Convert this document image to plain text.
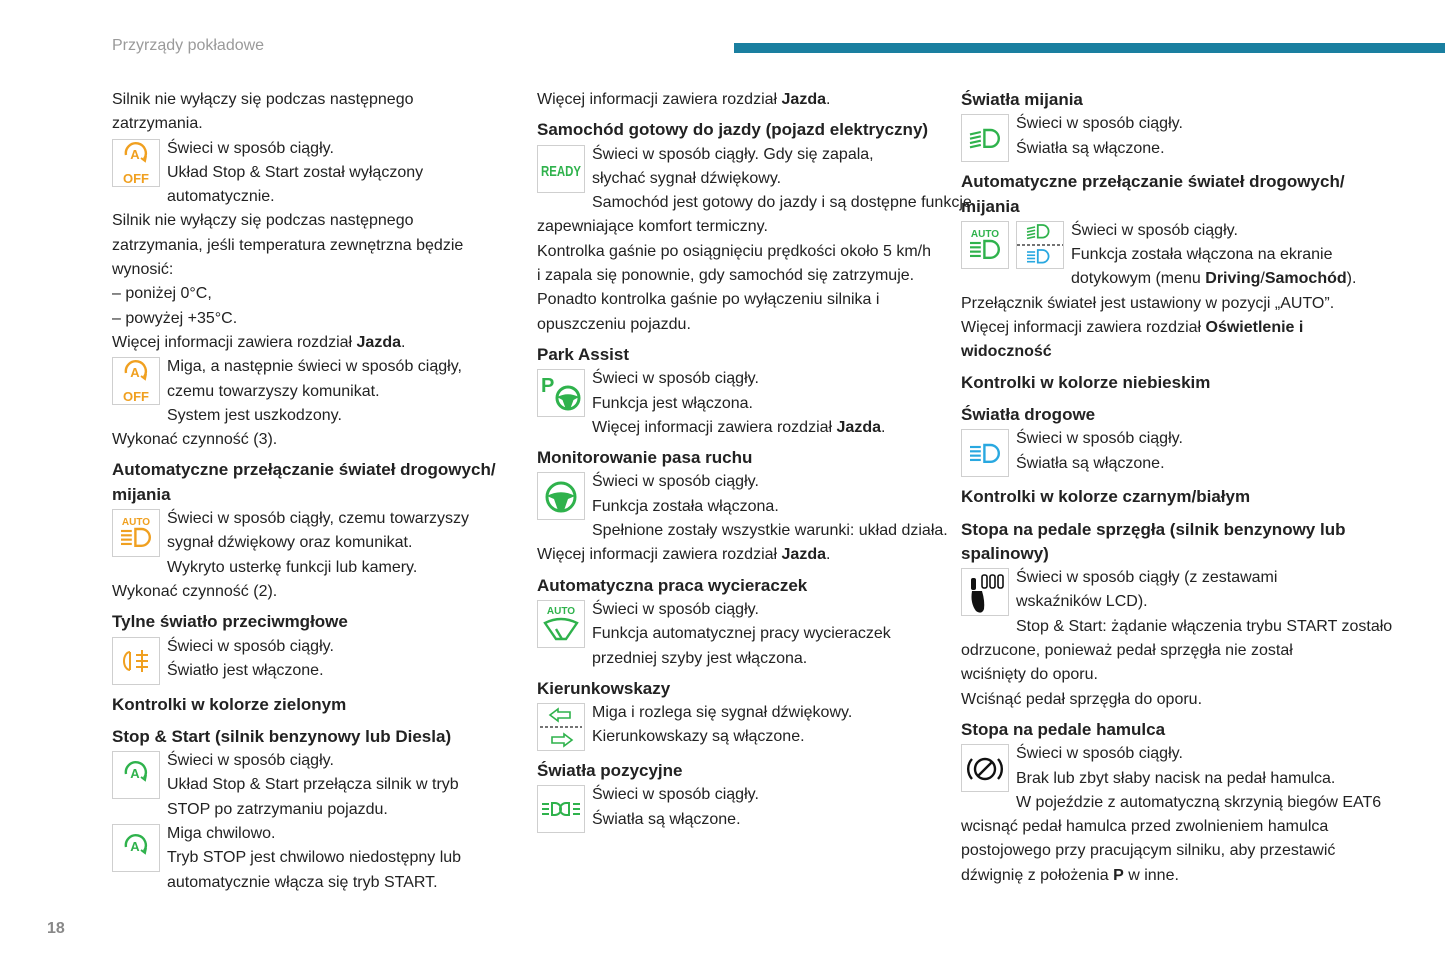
Przyrządy pokładowe
Silnik nie wyłączy się podczas następnego
zatrzymania.
A
OFF
Świeci w sposób ciągły.
Układ Stop & Start został wyłączony
automatycznie.
Silnik nie wyłączy się podczas następnego
zatrzymania, jeśli temperatura zewnętrzna będzie
wynosić:
– poniżej 0°C,
– powyżej +35°C.
Więcej informacji zawiera rozdział Jazda.
A
OFF
Miga, a następnie świeci w sposób ciągły,
czemu towarzyszy komunikat.
System jest uszkodzony.
Wykonać czynność (3).
Automatyczne przełączanie świateł drogowych/
mijania
AUTO	Świeci w sposób ciągły, czemu towarzyszy
sygnał dźwiękowy oraz komunikat.
Wykryto usterkę funkcji lub kamery.
Wykonać czynność (2).
Tylne światło przeciwmgłowe
Świeci w sposób ciągły.
Światło jest włączone.
Kontrolki w kolorze zielonym
Stop & Start (silnik benzynowy lub Diesla)
A
Świeci w sposób ciągły.
Układ Stop & Start przełącza silnik w tryb
STOP po zatrzymaniu pojazdu.
A
Miga chwilowo.
Tryb STOP jest chwilowo niedostępny lub
automatycznie włącza się tryb START.
Więcej informacji zawiera rozdział Jazda.
Samochód gotowy do jazdy (pojazd elektryczny)
READY
Świeci w sposób ciągły. Gdy się zapala,
słychać sygnał dźwiękowy.
Samochód jest gotowy do jazdy i są dostępne funkcje
zapewniające komfort termiczny.
Kontrolka gaśnie po osiągnięciu prędkości około 5 km/h
i zapala się ponownie, gdy samochód się zatrzymuje.
Ponadto kontrolka gaśnie po wyłączeniu silnika i
opuszczeniu pojazdu.
Park Assist
P	Świeci w sposób ciągły.
Funkcja jest włączona.
Więcej informacji zawiera rozdział Jazda.
Monitorowanie pasa ruchu
Świeci w sposób ciągły.
Funkcja została włączona.
Spełnione zostały wszystkie warunki: układ działa.
Więcej informacji zawiera rozdział Jazda.
Automatyczna praca wycieraczek
AUTO	Świeci w sposób ciągły.
Funkcja automatycznej pracy wycieraczek
przedniej szyby jest włączona.
Kierunkowskazy
Miga i rozlega się sygnał dźwiękowy.
Kierunkowskazy są włączone.
Światła pozycyjne
Świeci w sposób ciągły.
Światła są włączone.
Światła mijania
Świeci w sposób ciągły.
Światła są włączone.
Automatyczne przełączanie świateł drogowych/
mijania
AUTO	Świeci w sposób ciągły.
Funkcja została włączona na ekranie
dotykowym (menu Driving/Samochód).
Przełącznik świateł jest ustawiony w pozycji „AUTO”.
Więcej informacji zawiera rozdział Oświetlenie i
widoczność
Kontrolki w kolorze niebieskim
Światła drogowe
Świeci w sposób ciągły.
Światła są włączone.
Kontrolki w kolorze czarnym/białym
Stopa na pedale sprzęgła (silnik benzynowy lub
spalinowy)
Świeci w sposób ciągły (z zestawami
wskaźników LCD).
Stop & Start: żądanie włączenia trybu START zostało
odrzucone, ponieważ pedał sprzęgła nie został
wciśnięty do oporu.
Wciśnąć pedał sprzęgła do oporu.
Stopa na pedale hamulca
Świeci w sposób ciągły.
Brak lub zbyt słaby nacisk na pedał hamulca.
W pojeździe z automatyczną skrzynią biegów EAT6
wcisnąć pedał hamulca przed zwolnieniem hamulca
postojowego przy pracującym silniku, aby przestawić
dźwignię z położenia P w inne.
18
